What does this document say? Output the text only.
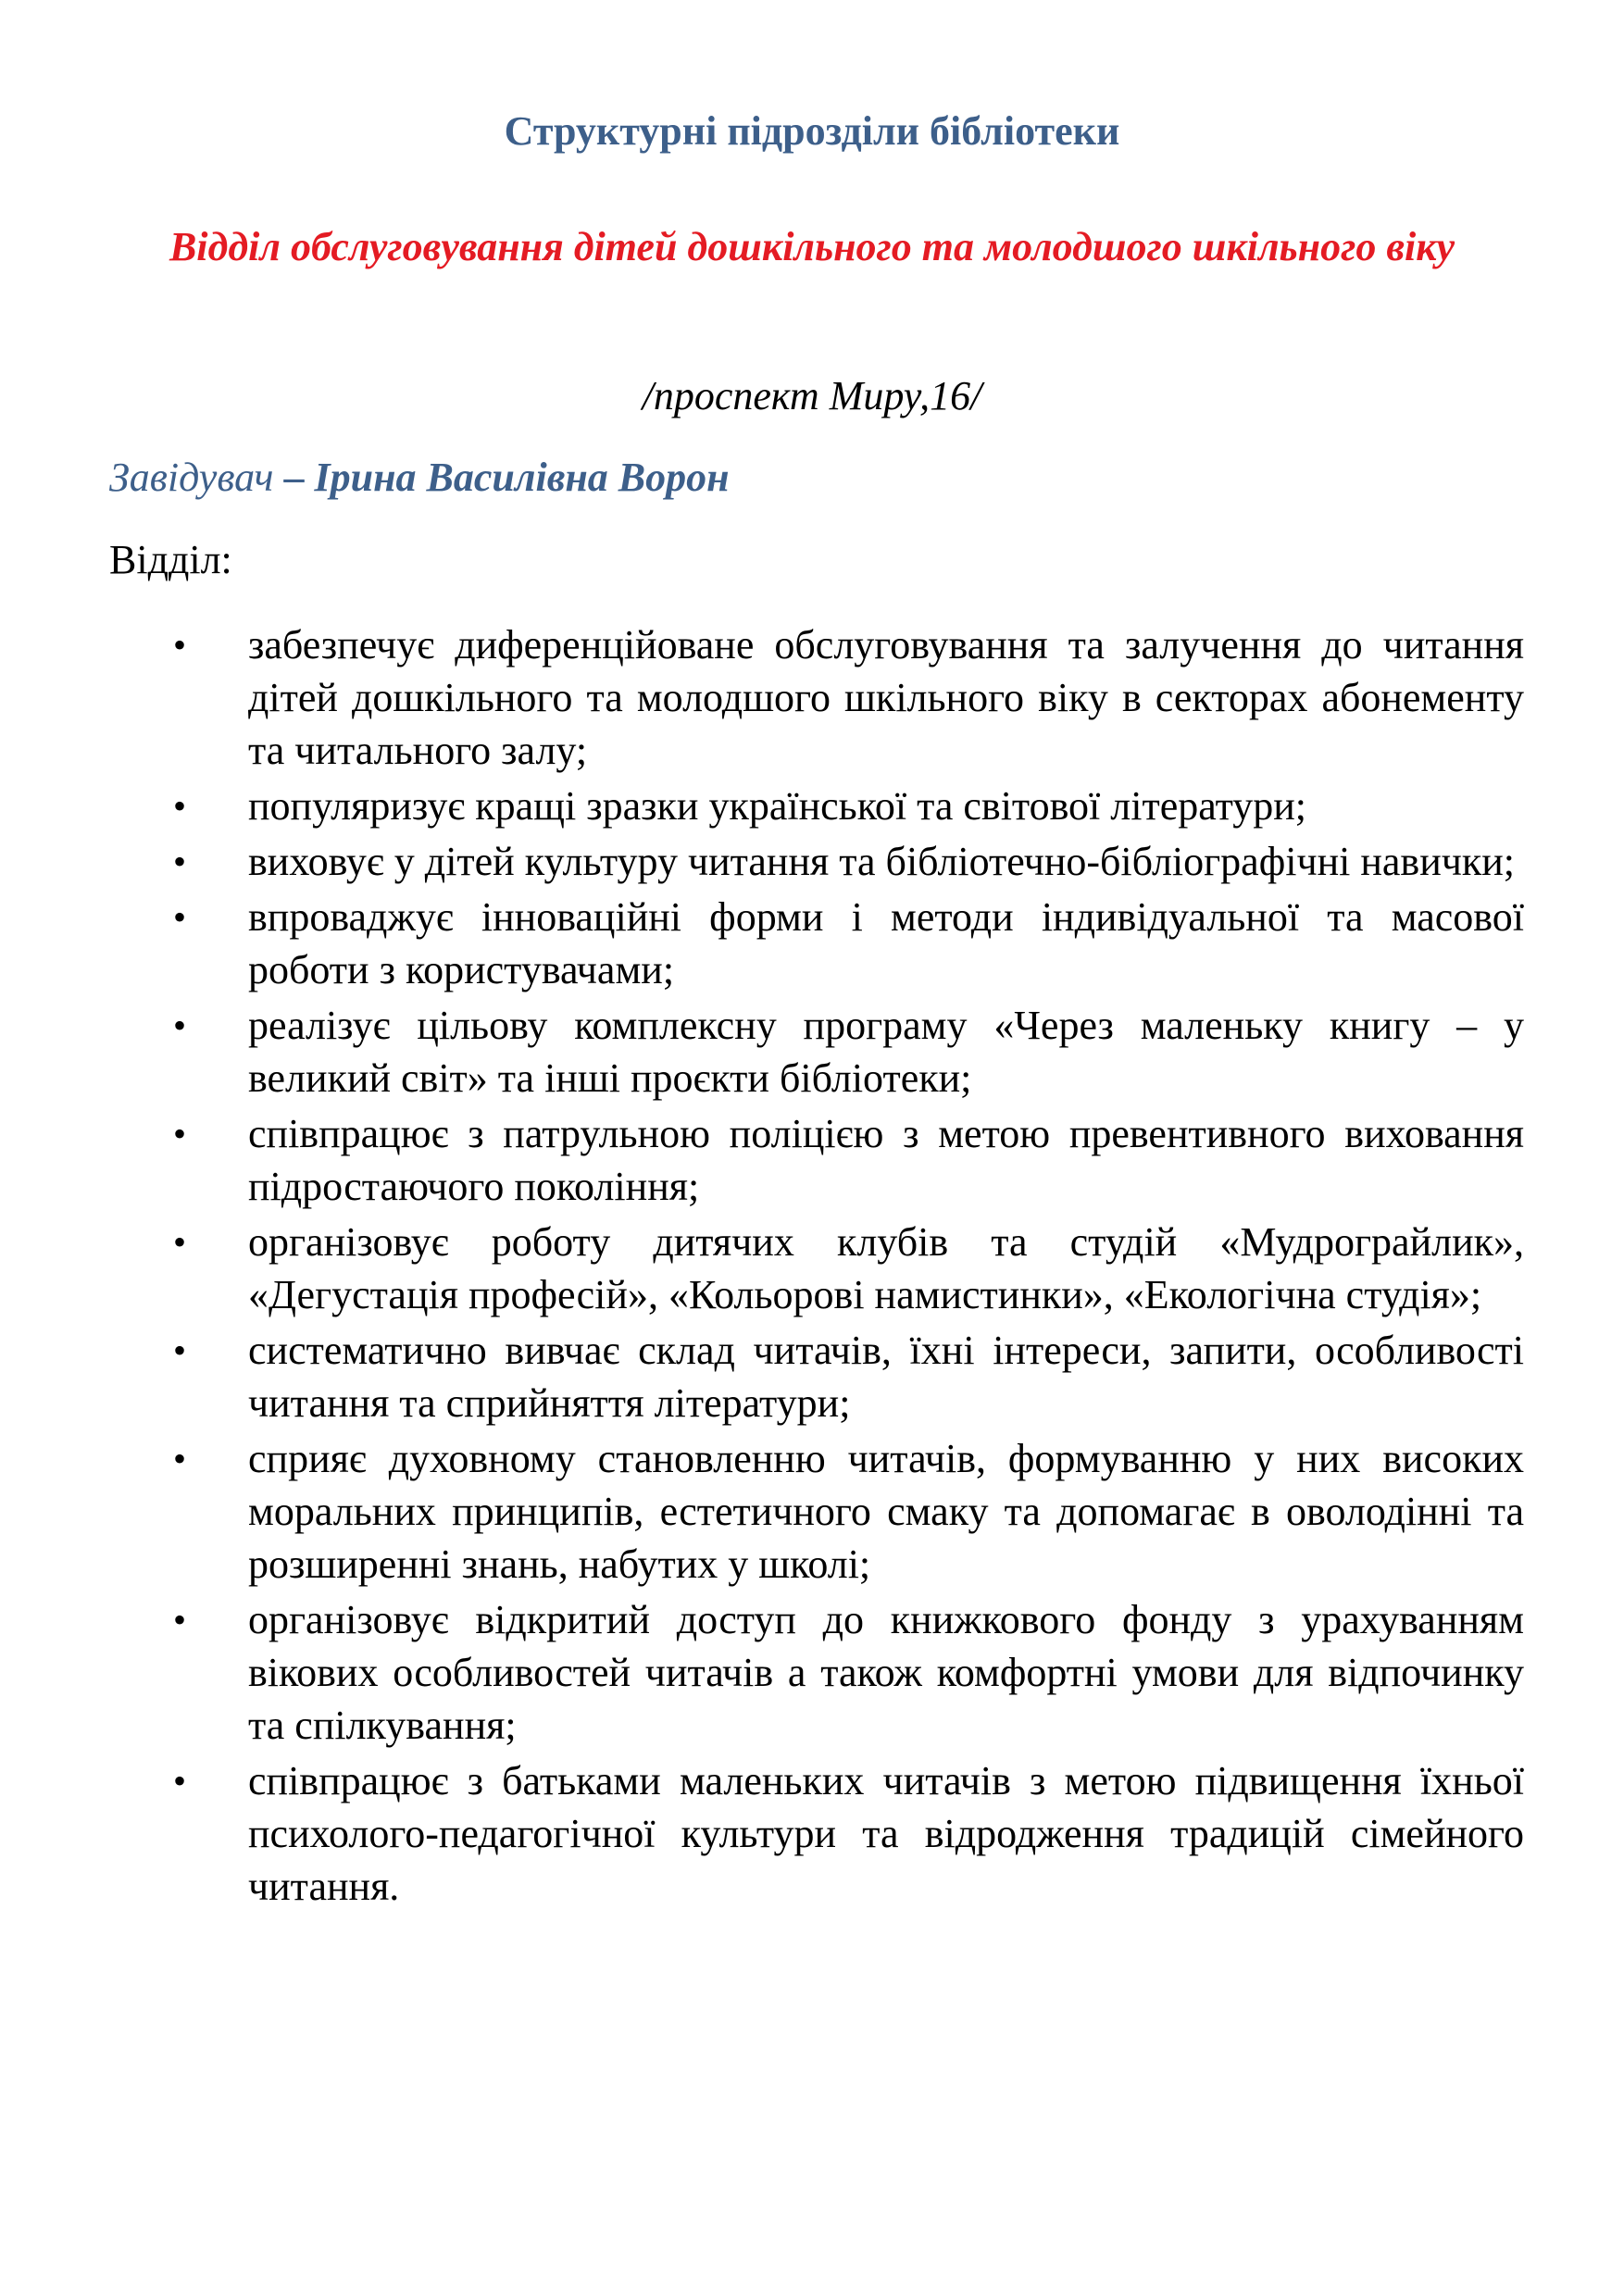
Структурні підрозділи бібліотеки
Відділ обслуговування дітей дошкільного та молодшого шкільного віку

/проспект Миру,16/

Завідувач – Ірина Василівна Ворон

Відділ:

• забезпечує диференційоване обслуговування та залучення до читання дітей дошкільного та молодшого шкільного віку в секторах абонементу та читального залу;
• популяризує кращі зразки української та світової літератури;
• виховує у дітей культуру читання та бібліотечно-бібліографічні навички;
• впроваджує інноваційні форми і методи індивідуальної та масової роботи з користувачами;
• реалізує цільову комплексну програму «Через маленьку книгу – у великий світ» та інші проєкти бібліотеки;
• співпрацює з патрульною поліцією з метою превентивного виховання підростаючого покоління;
• організовує роботу дитячих клубів та студій «Мудрограйлик», «Дегустація професій», «Кольорові намистинки», «Екологічна студія»;
• систематично вивчає склад читачів, їхні інтереси, запити, особливості читання та сприйняття літератури;
• сприяє духовному становленню читачів, формуванню у них високих моральних принципів, естетичного смаку та допомагає в оволодінні та розширенні знань, набутих у школі;
• організовує відкритий доступ до книжкового фонду з урахуванням вікових особливостей читачів а також комфортні умови для відпочинку та спілкування;
• співпрацює з батьками маленьких читачів з метою підвищення їхньої психолого-педагогічної культури та відродження традицій сімейного читання.
